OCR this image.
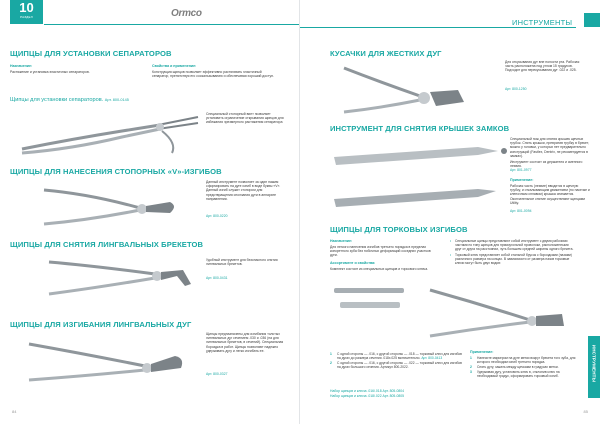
10
РАЗДЕЛ	Ormco
ЩИПЦЫ ДЛЯ УСТАНОВКИ СЕПАРАТОРОВ
Назначение:
Растяжение и установка эластичных сепараторов.
Свойства и применение:
Конструкция щипцов позволяет эффективно растягивать эластичный сепаратор, препятствуя его соскальзыванию и обеспечивая хороший доступ.
Щипцы для установки сепараторов. Арт. 800-0145
Специальный стопорный винт позволяет установить ограничение открывания щипцов для избежания чрезмерного растяжения сепаратора
ЩИПЦЫ ДЛЯ НАНЕСЕНИЯ СТОПОРНЫХ «V»-ИЗГИБОВ
Данный инструмент позволяет за один нажим сформировать на дуге изгиб в виде буквы «V». Данный изгиб служит стопором для предотвращения сползания дуги в аппарате направлении.
Арт. 800-0220
ЩИПЦЫ ДЛЯ СНЯТИЯ ЛИНГВАЛЬНЫХ БРЕКЕТОВ
Удобный инструмент для безопасного снятия лингвальных брекетов.
Арт. 800-0431
ЩИПЦЫ ДЛЯ ИЗГИБАНИЯ ЛИНГВАЛЬНЫХ ДУГ
Щипцы предназначены для изгибания толстых лингвальных дуг сечением .030 и .036 (на для лингвальных брекетов, в сечений). Специальная бороздка в работ. Щипцы позволяют надежно удерживать дугу и легко изгибать ее.
Арт. 800-0327
84
ИНСТРУМЕНТЫ
КУСАЧКИ ДЛЯ ЖЕСТКИХ ДУГ
Для откусывания дуг вне полости рта. Рабочая часть расположена под углом 15 градусов. Подходит для перекусывания дуг .022 и .025.
Арт. 800-1250
ИНСТРУМЕНТ ДЛЯ СНЯТИЯ КРЫШЕК ЗАМКОВ
Специальный нож для снятия крышек щечных трубок. Снять крышки, превратив трубку в брекет, можно у головки, у которых нет предварительно конструкций (Fastlex, Dentrix, не рекомендуется в замках).
Инструмент состоит из держателя и сменного лезвия.
Арт. 801-0977
Применение:
Рабочая часть (лезвие) вводится в щечную трубку, и откалывающим движением (по насечке и клепочным сплавом) крышка снимается. Окончательное снятие осуществляют щипцами Utility.
Арт. 801-0094
ЩИПЦЫ ДЛЯ ТОРКОВЫХ ИЗГИБОВ
Назначение:
Для легкого нанесения изгибов третьего порядка в пределах конкретного зуба без побочных деформаций соседних участков дуги.
Ассортимент и свойства:
Комплект состоит из специальных щипцов и торкового ключа.
• Специальные щипцы представляют собой инструмент с двумя рабочими частями по типу щипцов для прямоугольной проволоки, расположенными друг от друга на расстоянии, чуть большем средней ширины одного брекета.
• Торковый ключ представляет собой стальной брусок с бороздками (пазами) различного размера на концах. В зависимости от размера пазов торковые ключи могут быть двух видов:
1 С одной стороны — .016, с другой стороны — .018 — торковый ключ для изгибов на дугах до размера сечения .018х.025 включительно. Арт. 800-0413
2 С одной стороны — .016, с другой стороны — .022 — торковый ключ для изгибов на дугах большого сечения. Артикул 800-2022.
Набор щипцов и ключа .016/.018 Арт. 805-0804
Набор щипцов и ключа .018/.022 Арт. 805-0805
Применение:
1 Нанесите маркером на дуге метки вокруг брекета того зуба, для которого необходим изгиб третьего порядка.
2 Снять дугу, зажать между щечками в градусах метки.
3 Удерживая дугу, установить ключ в, отклонив ключ на необходимый градус, сформировать торковый изгиб.	ИНСТРУМЕНТЫ
85
